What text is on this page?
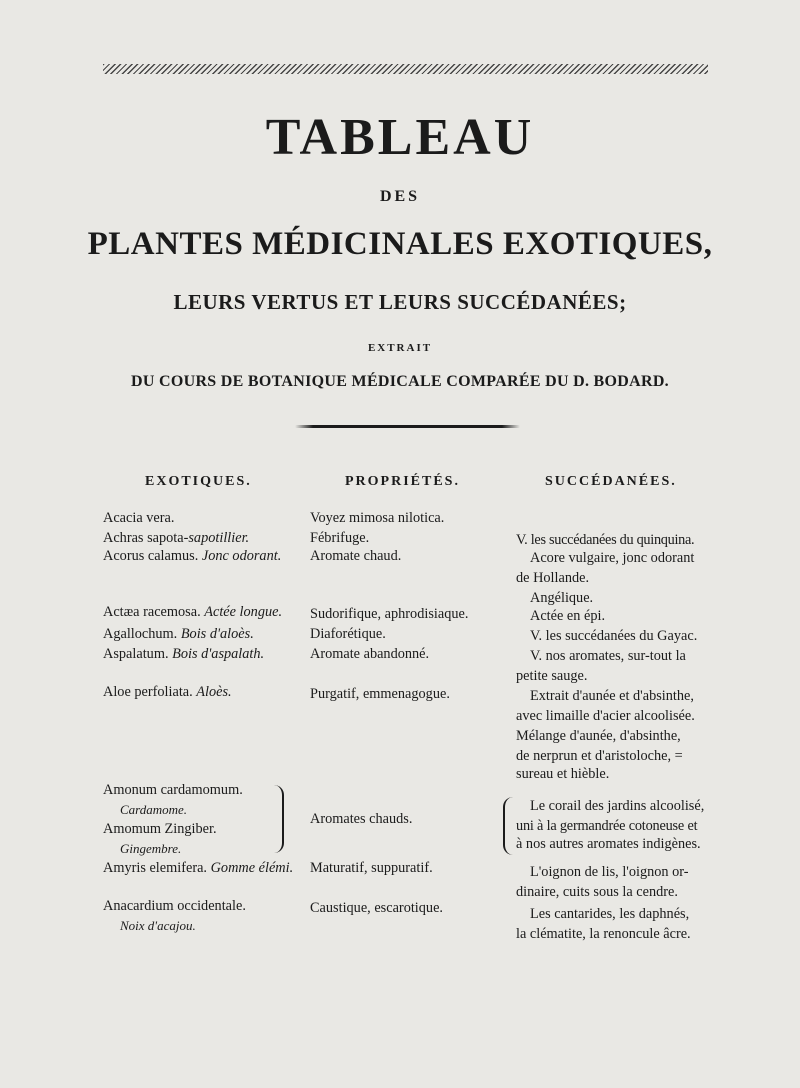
TABLEAU
DES
PLANTES MÉDICINALES EXOTIQUES,
LEURS VERTUS ET LEURS SUCCÉDANÉES;
EXTRAIT
DU COURS DE BOTANIQUE MÉDICALE COMPARÉE DU D. BODARD.
EXOTIQUES.	PROPRIÉTÉS.	SUCCÉDANÉES.
Acacia vera.
Achras sapota-sapotillier.
Acorus calamus. Jonc odorant.
Actæa racemosa. Actée longue.
Agallochum. Bois d'aloès.
Aspalatum. Bois d'aspalath.
Aloe perfoliata. Aloès.
Amonum cardamomum.
Cardamome.
Amomum Zingiber.
Gingembre.
Amyris elemifera. Gomme élémi.
Anacardium occidentale.
Noix d'acajou.
Voyez mimosa nilotica.
Fébrifuge.
Aromate chaud.
Sudorifique, aphrodisiaque.
Diaforétique.
Aromate abandonné.
Purgatif, emmenagogue.
Aromates chauds.
Maturatif, suppuratif.
Caustique, escarotique.
V. les succédanées du quinquina.
Acore vulgaire, jonc odorant
de Hollande.
Angélique.
Actée en épi.
V. les succédanées du Gayac.
V. nos aromates, sur-tout la
petite sauge.
Extrait d'aunée et d'absinthe,
avec limaille d'acier alcoolisée.
Mélange d'aunée, d'absinthe,
de nerprun et d'aristoloche, =
sureau et hièble.
Le corail des jardins alcoolisé,
uni à la germandrée cotoneuse et
à nos autres aromates indigènes.
L'oignon de lis, l'oignon or-
dinaire, cuits sous la cendre.
Les cantarides, les daphnés,
la clématite, la renoncule âcre.
